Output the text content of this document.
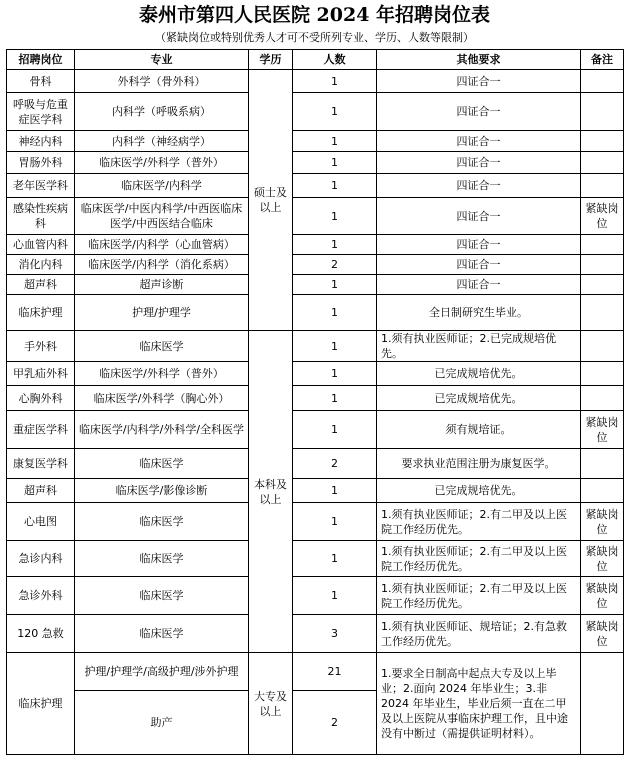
泰州市第四人民医院 2024 年招聘岗位表
（紧缺岗位或特别优秀人才可不受所列专业、学历、人数等限制）
招聘岗位	专业	学历	人数	其他要求	备注
骨科	外科学（骨外科）	硕士及以上	1	四证合一	
呼吸与危重症医学科	内科学（呼吸系病）		1	四证合一	
神经内科	内科学（神经病学）		1	四证合一	
胃肠外科	临床医学/外科学（普外）		1	四证合一	
老年医学科	临床医学/内科学		1	四证合一	
感染性疾病科	临床医学/中医内科学/中西医临床医学/中西医结合临床		1	四证合一	紧缺岗位
心血管内科	临床医学/内科学（心血管病）		1	四证合一	
消化内科	临床医学/内科学（消化系病）		2	四证合一	
超声科	超声诊断		1	四证合一	
临床护理	护理/护理学		1	全日制研究生毕业。	
手外科	临床医学	本科及以上	1	1.须有执业医师证；2.已完成规培优先。	
甲乳疝外科	临床医学/外科学（普外）		1	已完成规培优先。	
心胸外科	临床医学/外科学（胸心外）		1	已完成规培优先。	
重症医学科	临床医学/内科学/外科学/全科医学		1	须有规培证。	紧缺岗位
康复医学科	临床医学		2	要求执业范围注册为康复医学。	
超声科	临床医学/影像诊断		1	已完成规培优先。	
心电图	临床医学		1	1.须有执业医师证；2.有二甲及以上医院工作经历优先。	紧缺岗位
急诊内科	临床医学		1	1.须有执业医师证；2.有二甲及以上医院工作经历优先。	紧缺岗位
急诊外科	临床医学		1	1.须有执业医师证；2.有二甲及以上医院工作经历优先。	紧缺岗位
120 急救	临床医学		3	1.须有执业医师证、规培证；2.有急救工作经历优先。	紧缺岗位
临床护理	护理/护理学/高级护理/涉外护理	大专及以上	21	1.要求全日制高中起点大专及以上毕业；2.面向 2024 年毕业生；3.非 2024 年毕业生，毕业后须一直在二甲及以上医院从事临床护理工作，且中途没有中断过（需提供证明材料）。	
	助产		2		
